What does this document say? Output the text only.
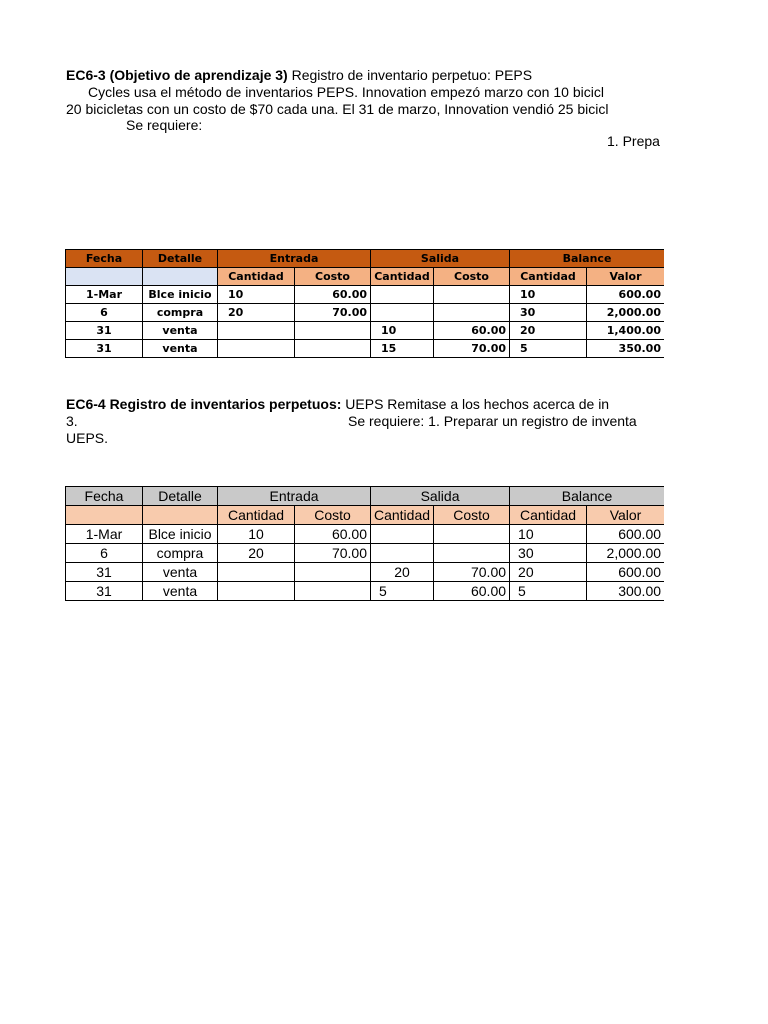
EC6-3 (Objetivo de aprendizaje 3) Registro de inventario perpetuo: PEPS
Cycles usa el método de inventarios PEPS. Innovation empezó marzo con 10 bicicl
20 bicicletas con un costo de $70 cada una. El 31 de marzo, Innovation vendió 25 bicicl
Se requiere:
1. Prepa
Fecha	Detalle	Entrada		Salida		Balance	
		Cantidad	Costo	Cantidad	Costo	Cantidad	Valor
1-Mar	Blce inicio	10	60.00			10	600.00
6	compra	20	70.00			30	2,000.00
31	venta			10	60.00	20	1,400.00
31	venta			15	70.00	5	350.00
EC6-4 Registro de inventarios perpetuos: UEPS Remitase a los hechos acerca de in
3.	Se requiere: 1. Preparar un registro de inventa
UEPS.
Fecha	Detalle	Entrada		Salida		Balance	
		Cantidad	Costo	Cantidad	Costo	Cantidad	Valor
1-Mar	Blce inicio	10	60.00			10	600.00
6	compra	20	70.00			30	2,000.00
31	venta			20	70.00	20	600.00
31	venta			5	60.00	5	300.00
